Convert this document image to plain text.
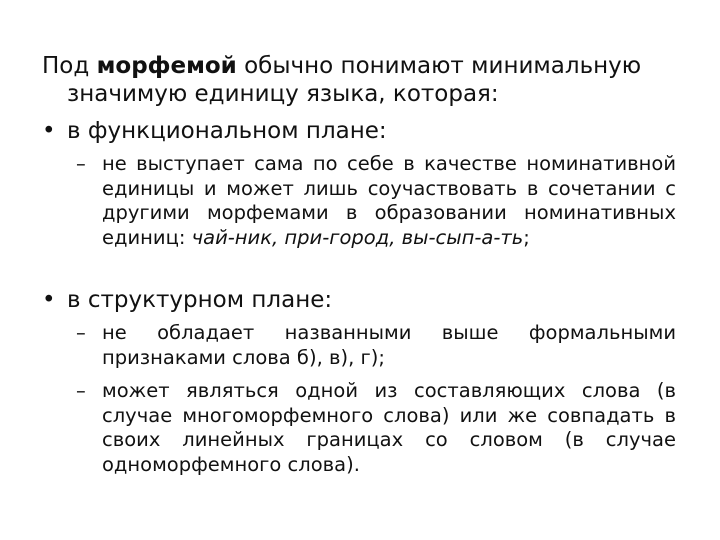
Под морфемой обычно понимают минимальную
значимую единицу языка, которая:
• в функциональном плане:
– не выступает сама по себе в качестве номинативной единицы и может лишь соучаствовать в сочетании с другими морфемами в образовании номинативных единиц: чай-ник, при-город, вы-сып-а-ть;
• в структурном плане:
– не обладает названными выше формальными признаками слова б), в), г);
– может являться одной из составляющих слова (в случае многоморфемного слова) или же совпадать в своих линейных границах со словом (в случае одноморфемного слова).
